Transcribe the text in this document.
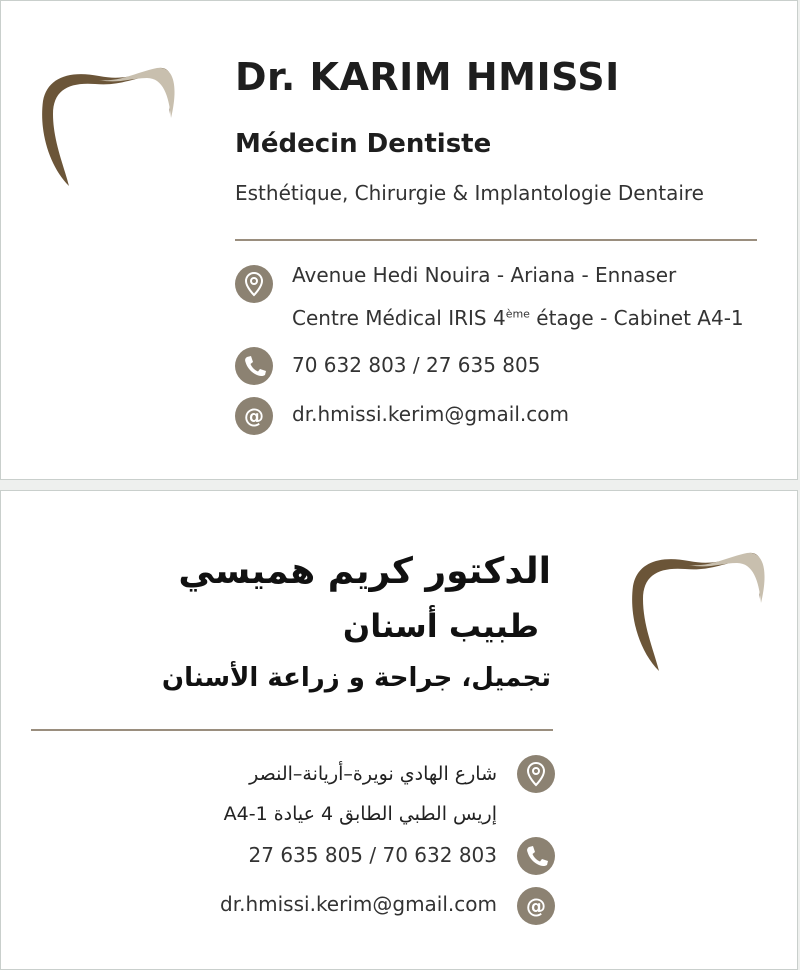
Dr. KARIM HMISSI
Médecin Dentiste
Esthétique, Chirurgie & Implantologie Dentaire
Avenue Hedi Nouira - Ariana - Ennaser
Centre Médical IRIS 4ème étage - Cabinet A4-1
70 632 803 / 27 635 805
@ dr.hmissi.kerim@gmail.com
الدكتور كريم هميسي
طبيب أسنان
تجميل، جراحة و زراعة الأسنان
شارع الهادي نويرة–أريانة–النصر
إريس الطبي الطابق 4 عيادة A4-1
27 635 805 / 70 632 803
@
dr.hmissi.kerim@gmail.com
